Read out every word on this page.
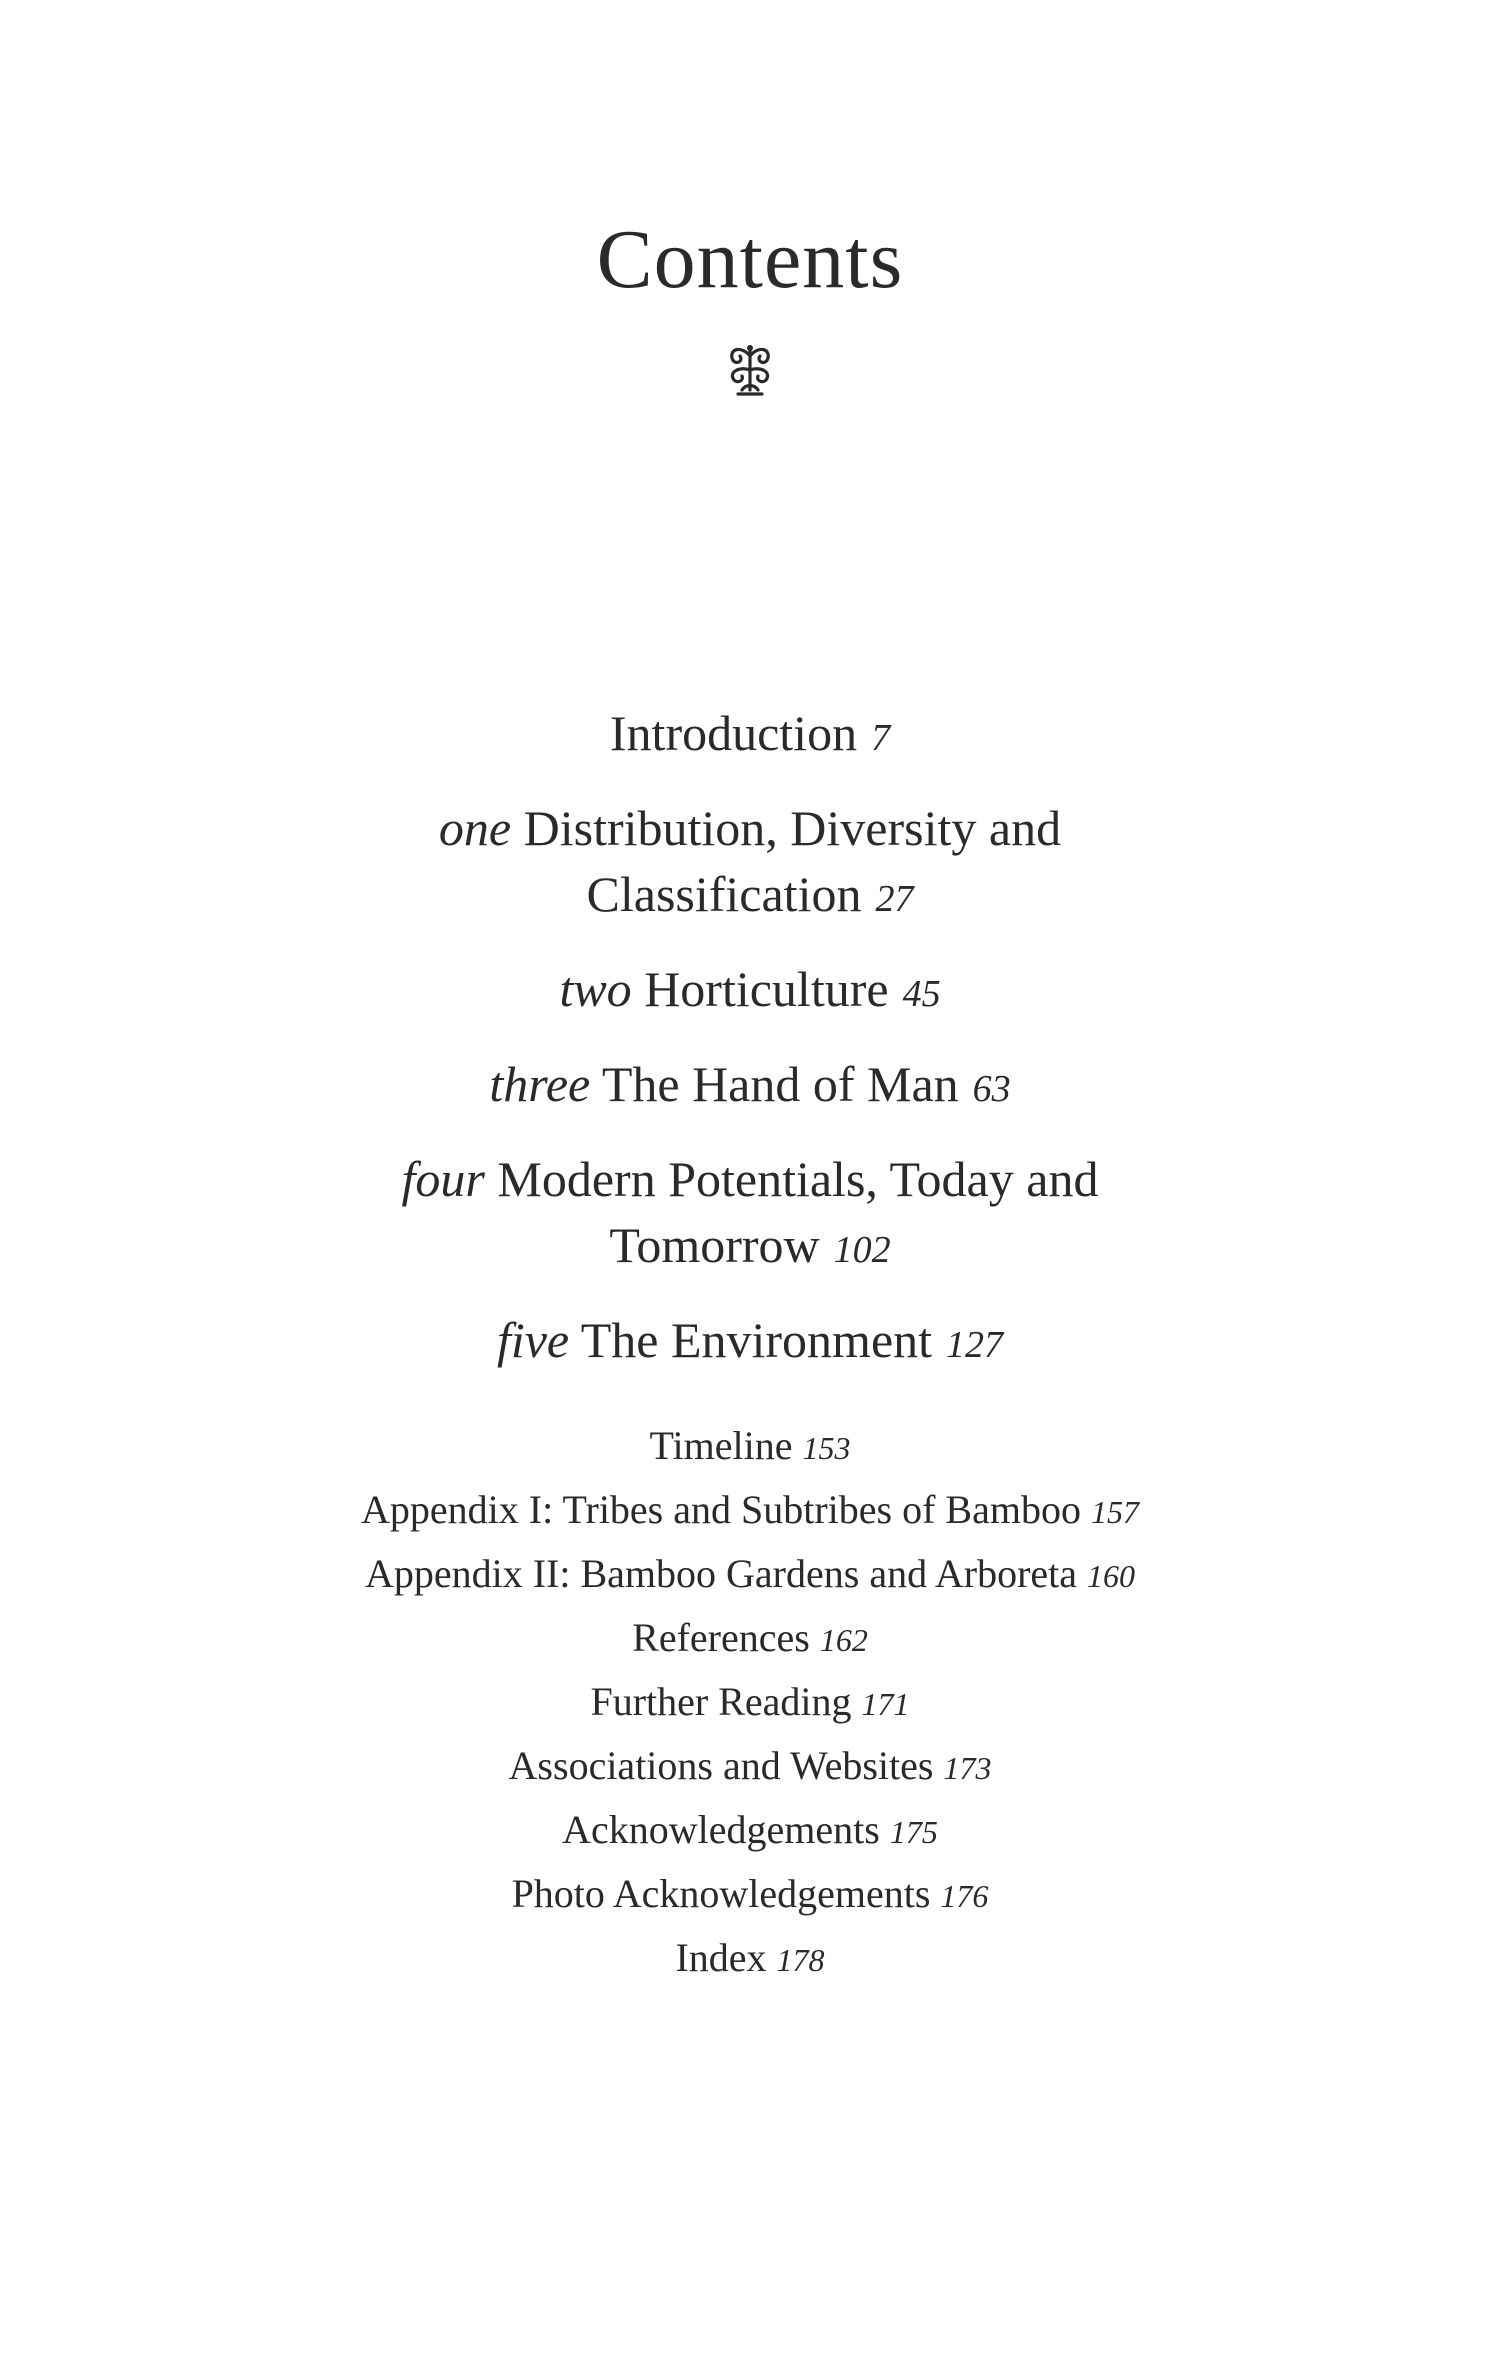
Contents
Introduction 7
one Distribution, Diversity and
Classification 27
two Horticulture 45
three The Hand of Man 63
four Modern Potentials, Today and
Tomorrow 102
five The Environment 127
Timeline 153
Appendix I: Tribes and Subtribes of Bamboo 157
Appendix II: Bamboo Gardens and Arboreta 160
References 162
Further Reading 171
Associations and Websites 173
Acknowledgements 175
Photo Acknowledgements 176
Index 178
